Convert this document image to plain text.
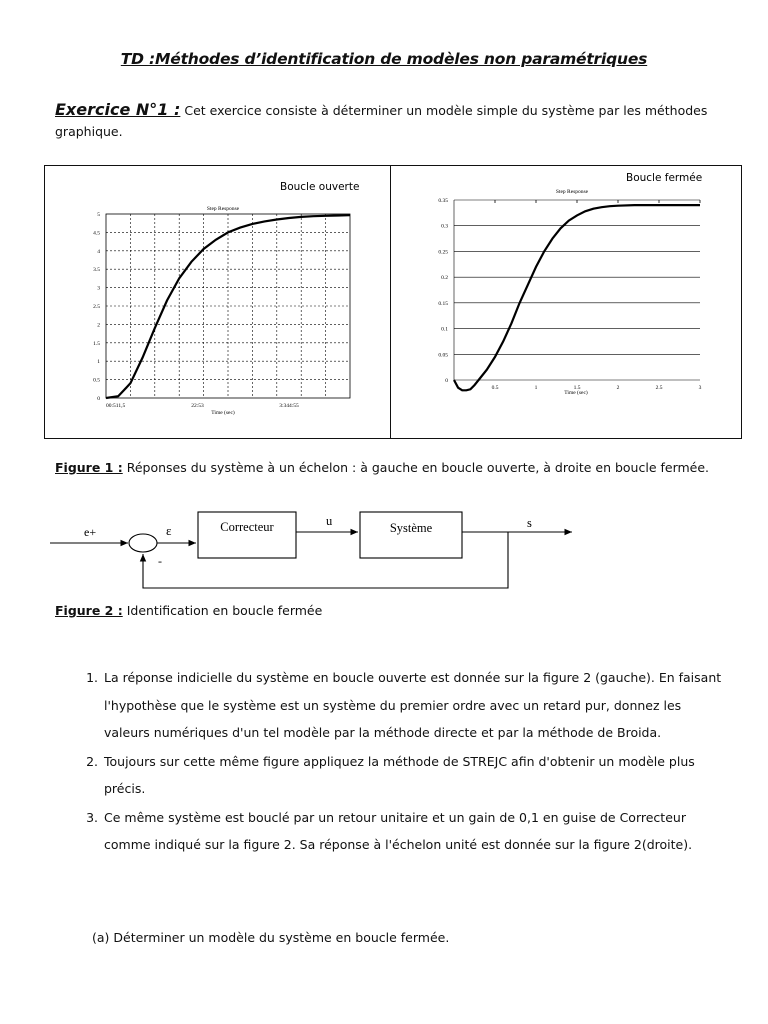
TD :Méthodes d’identification de modèles non paramétriques
Exercice N°1 : Cet exercice consiste à déterminer un modèle simple du système par les méthodes graphique.
Boucle ouverte
Step Response
0
0.5
1
1.5
2
2.5
3
3.5
4
4.5
5
00:511,5	22:53	3:344:55
Time (sec)
Boucle fermée
Step Response
0
0.05
0.1
0.15
0.2
0.25
0.3
0.35
0.5	1	1.5	2	2.5	3
Time (sec)
Figure 1 : Réponses du système à un échelon : à gauche en boucle ouverte, à droite en boucle fermée.
e+	ε
-
Correcteur	u	Système	s
Figure 2 : Identification en boucle fermée
1. La réponse indicielle du système en boucle ouverte est donnée sur la figure 2 (gauche). En faisant l'hypothèse que le système est un système du premier ordre avec un retard pur, donnez les valeurs numériques d'un tel modèle par la méthode directe et par la méthode de Broida.
2. Toujours sur cette même figure appliquez la méthode de STREJC afin d'obtenir un modèle plus précis.
3. Ce même système est bouclé par un retour unitaire et un gain de 0,1 en guise de Correcteur comme indiqué sur la figure 2. Sa réponse à l'échelon unité est donnée sur la figure 2(droite).
(a) Déterminer un modèle du système en boucle fermée.
